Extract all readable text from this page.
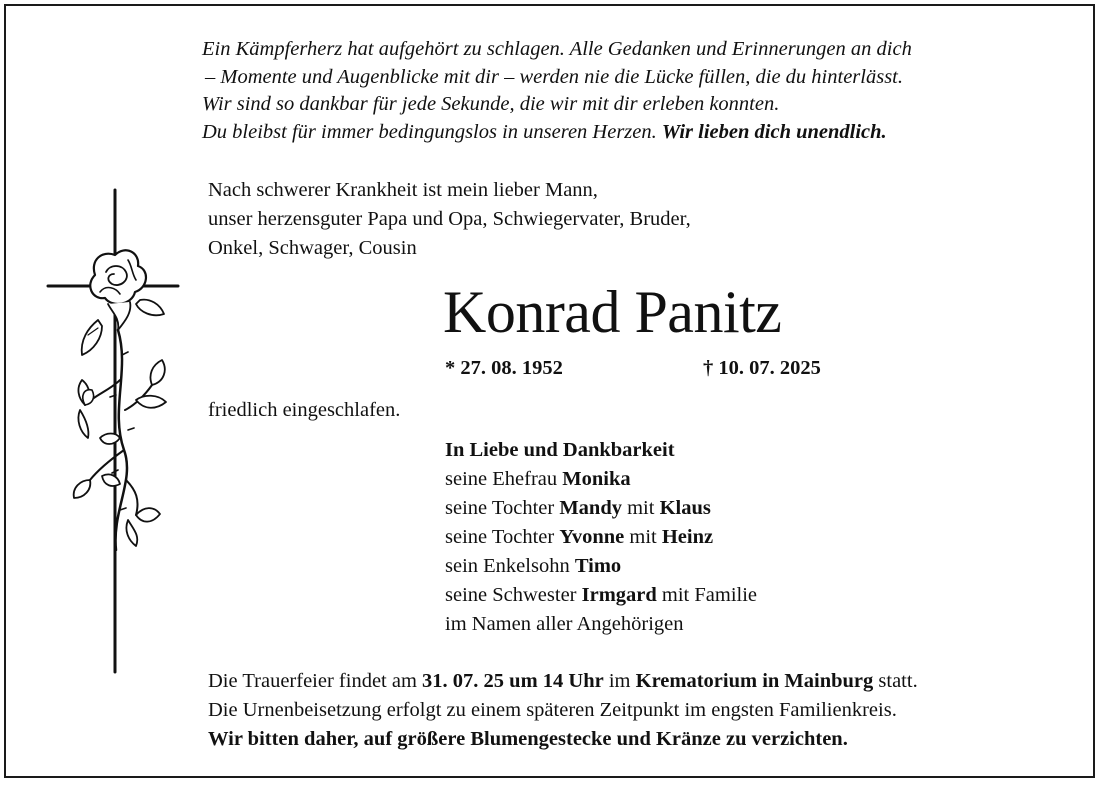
Ein Kämpferherz hat aufgehört zu schlagen. Alle Gedanken und Erinnerungen an dich
– Momente und Augenblicke mit dir – werden nie die Lücke füllen, die du hinterlässt.
Wir sind so dankbar für jede Sekunde, die wir mit dir erleben konnten.
Du bleibst für immer bedingungslos in unseren Herzen. Wir lieben dich unendlich.
Nach schwerer Krankheit ist mein lieber Mann,
unser herzensguter Papa und Opa, Schwiegervater, Bruder,
Onkel, Schwager, Cousin
Konrad Panitz
* 27. 08. 1952	† 10. 07. 2025
friedlich eingeschlafen.
In Liebe und Dankbarkeit
seine Ehefrau Monika
seine Tochter Mandy mit Klaus
seine Tochter Yvonne mit Heinz
sein Enkelsohn Timo
seine Schwester Irmgard mit Familie
im Namen aller Angehörigen
Die Trauerfeier findet am 31. 07. 25 um 14 Uhr im Krematorium in Mainburg statt.
Die Urnenbeisetzung erfolgt zu einem späteren Zeitpunkt im engsten Familienkreis.
Wir bitten daher, auf größere Blumengestecke und Kränze zu verzichten.
